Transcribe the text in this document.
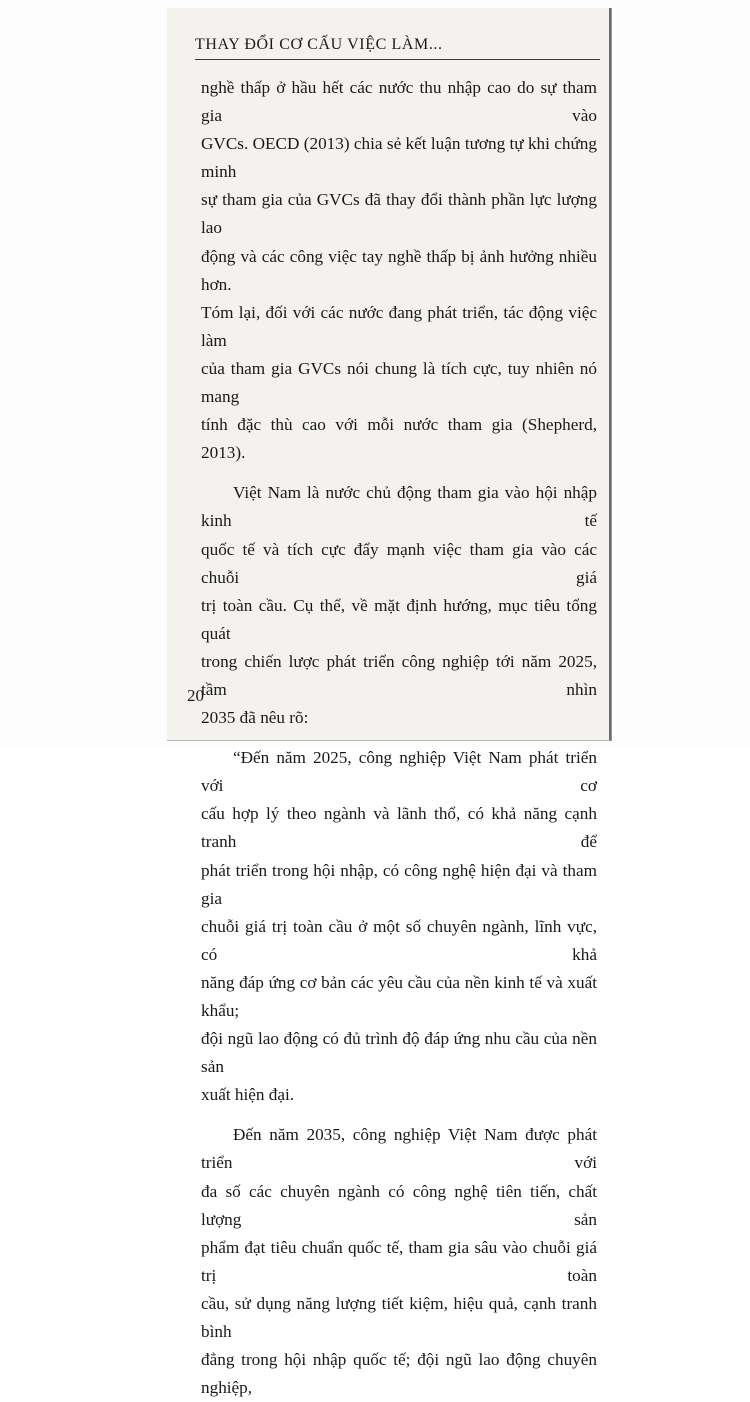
THAY ĐỔI CƠ CẤU VIỆC LÀM...

nghề thấp ở hầu hết các nước thu nhập cao do sự tham gia vào
GVCs. OECD (2013) chia sẻ kết luận tương tự khi chứng minh
sự tham gia của GVCs đã thay đổi thành phần lực lượng lao
động và các công việc tay nghề thấp bị ảnh hưởng nhiều hơn.
Tóm lại, đối với các nước đang phát triển, tác động việc làm
của tham gia GVCs nói chung là tích cực, tuy nhiên nó mang
tính đặc thù cao với mỗi nước tham gia (Shepherd, 2013).

Việt Nam là nước chủ động tham gia vào hội nhập kinh tế
quốc tế và tích cực đẩy mạnh việc tham gia vào các chuỗi giá
trị toàn cầu. Cụ thể, về mặt định hướng, mục tiêu tổng quát
trong chiến lược phát triển công nghiệp tới năm 2025, tầm nhìn
2035 đã nêu rõ:

“Đến năm 2025, công nghiệp Việt Nam phát triển với cơ
cấu hợp lý theo ngành và lãnh thổ, có khả năng cạnh tranh để
phát triển trong hội nhập, có công nghệ hiện đại và tham gia
chuỗi giá trị toàn cầu ở một số chuyên ngành, lĩnh vực, có khả
năng đáp ứng cơ bản các yêu cầu của nền kinh tế và xuất khẩu;
đội ngũ lao động có đủ trình độ đáp ứng nhu cầu của nền sản
xuất hiện đại.

Đến năm 2035, công nghiệp Việt Nam được phát triển với
đa số các chuyên ngành có công nghệ tiên tiến, chất lượng sản
phẩm đạt tiêu chuẩn quốc tế, tham gia sâu vào chuỗi giá trị toàn
cầu, sử dụng năng lượng tiết kiệm, hiệu quả, cạnh tranh bình
đẳng trong hội nhập quốc tế; đội ngũ lao động chuyên nghiệp,

20
